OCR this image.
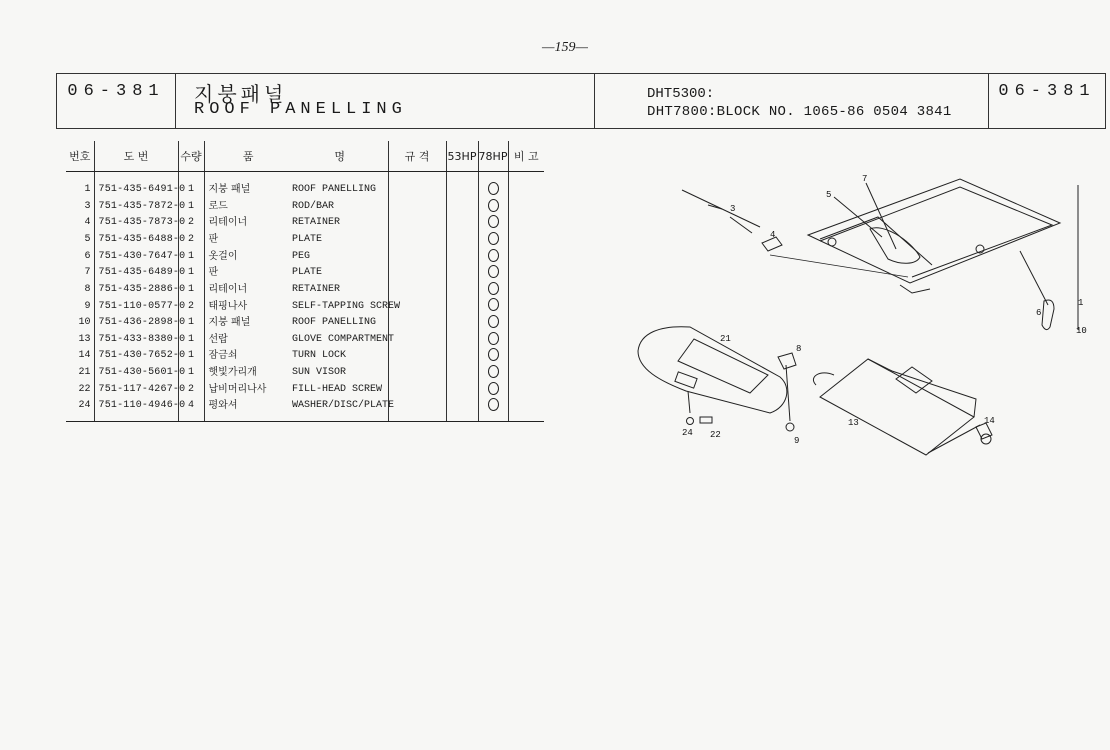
—159—
06-381	지붕패널
ROOF PANELLING
DHT5300:
DHT7800:BLOCK NO. 1065-86 0504 3841
06-381
번호	도 번	수량	품	명	규 격	53HP	78HP	비 고
1	751-435-6491-0	1	지붕 패널	ROOF PANELLING				
3	751-435-7872-0	1	로드	ROD/BAR				
4	751-435-7873-0	2	리테이너	RETAINER				
5	751-435-6488-0	2	판	PLATE				
6	751-430-7647-0	1	옷걸이	PEG				
7	751-435-6489-0	1	판	PLATE				
8	751-435-2886-0	1	리테이너	RETAINER				
9	751-110-0577-0	2	태핑나사	SELF-TAPPING SCREW				
10	751-436-2898-0	1	지붕 패널	ROOF PANELLING				
13	751-433-8380-0	1	선랍	GLOVE COMPARTMENT				
14	751-430-7652-0	1	잠금쇠	TURN LOCK				
21	751-430-5601-0	1	햇빛가리개	SUN VISOR				
22	751-117-4267-0	2	납비머리나사	FILL-HEAD SCREW				
24	751-110-4946-0	4	평와셔	WASHER/DISC/PLATE				
3
4
5
7
6
1
10
21
8
9
13	14
24 22
